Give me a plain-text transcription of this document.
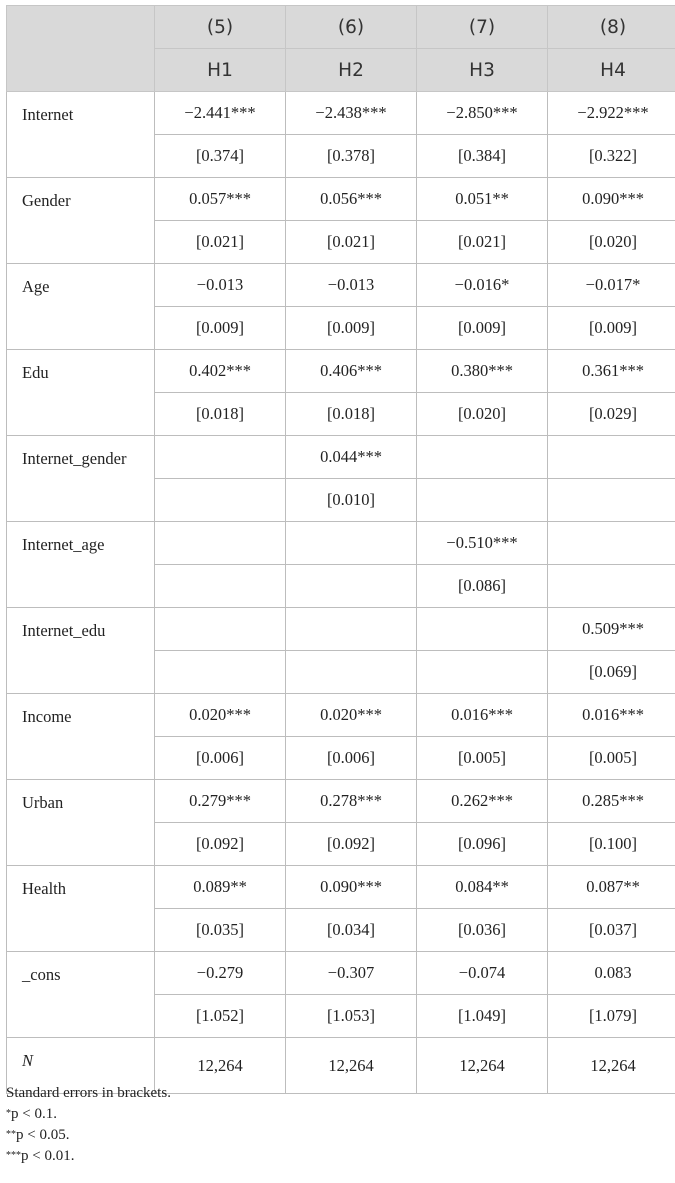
	(5)	(6)	(7)	(8)
	H1	H2	H3	H4
Internet	−2.441***	−2.438***	−2.850***	−2.922***
	[0.374]	[0.378]	[0.384]	[0.322]
Gender	0.057***	0.056***	0.051**	0.090***
	[0.021]	[0.021]	[0.021]	[0.020]
Age	−0.013	−0.013	−0.016*	−0.017*
	[0.009]	[0.009]	[0.009]	[0.009]
Edu	0.402***	0.406***	0.380***	0.361***
	[0.018]	[0.018]	[0.020]	[0.029]
Internet_gender		0.044***		
		[0.010]		
Internet_age			−0.510***	
			[0.086]	
Internet_edu				0.509***
				[0.069]
Income	0.020***	0.020***	0.016***	0.016***
	[0.006]	[0.006]	[0.005]	[0.005]
Urban	0.279***	0.278***	0.262***	0.285***
	[0.092]	[0.092]	[0.096]	[0.100]
Health	0.089**	0.090***	0.084**	0.087**
	[0.035]	[0.034]	[0.036]	[0.037]
_cons	−0.279	−0.307	−0.074	0.083
	[1.052]	[1.053]	[1.049]	[1.079]
N	12,264	12,264	12,264	12,264
Standard errors in brackets.
*p < 0.1.
**p < 0.05.
***p < 0.01.
